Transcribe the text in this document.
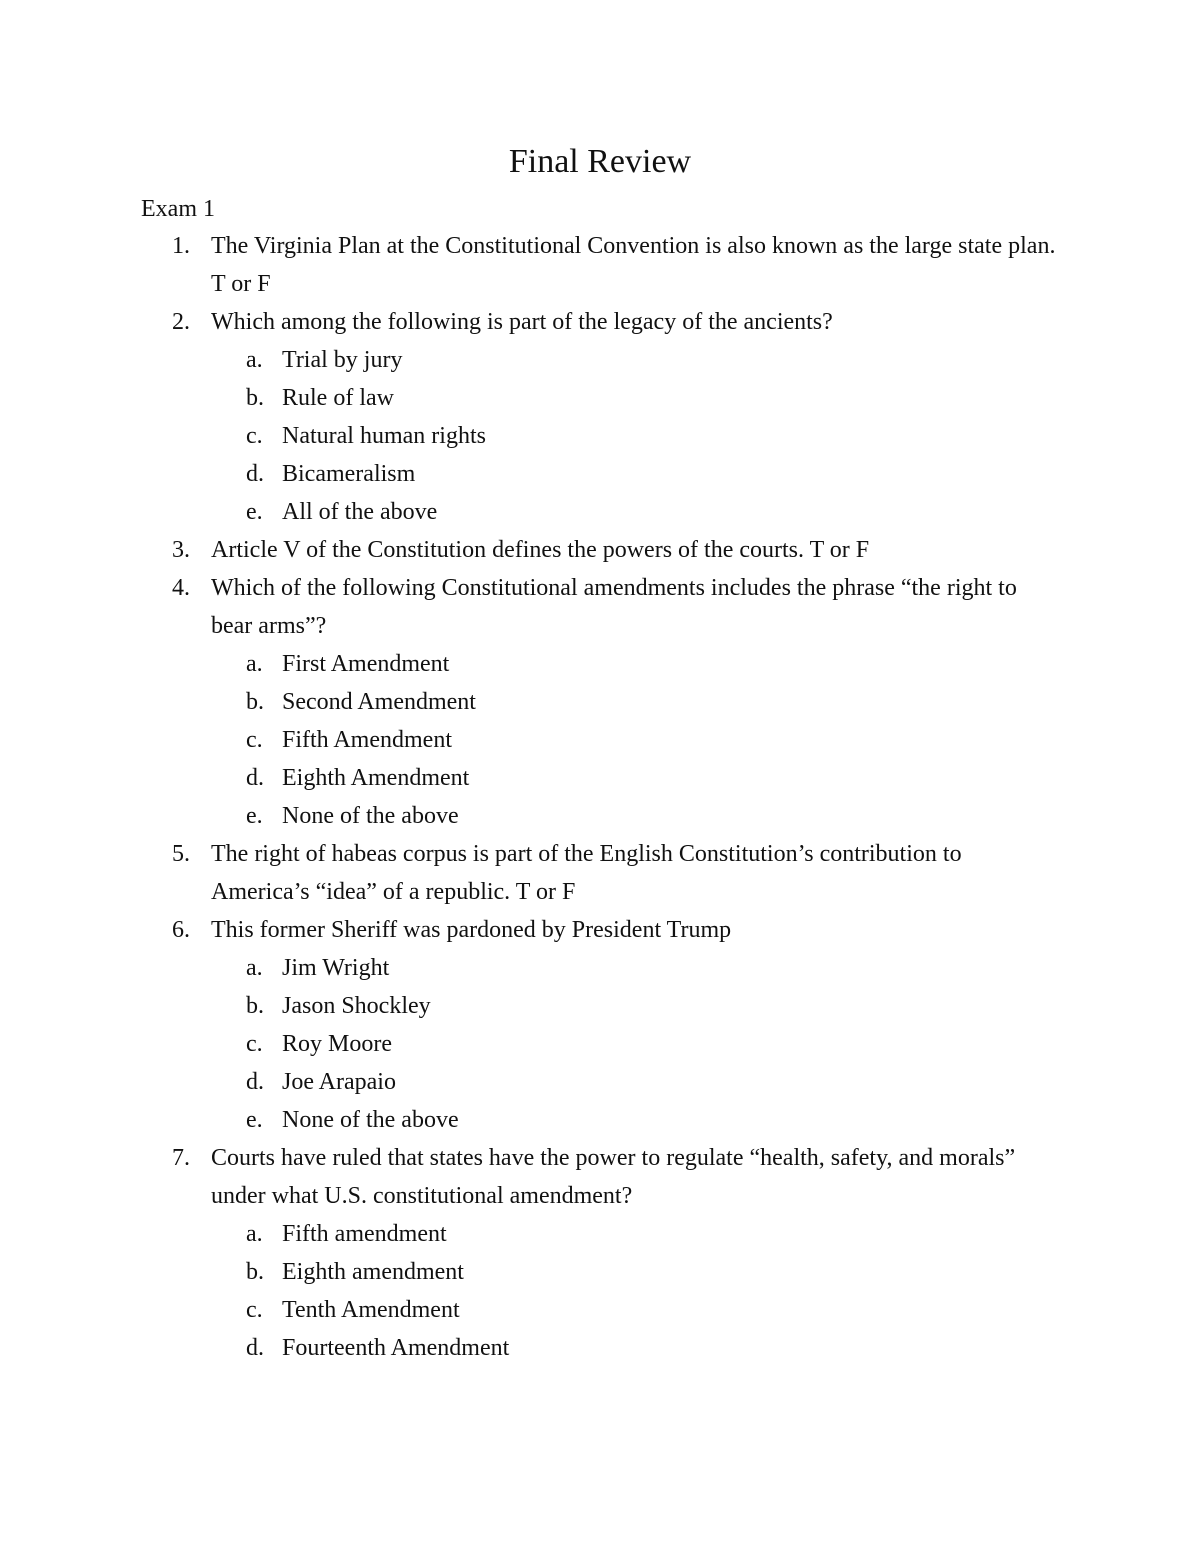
Final Review
Exam 1
1. The Virginia Plan at the Constitutional Convention is also known as the large state plan. T or F
2. Which among the following is part of the legacy of the ancients?
a. Trial by jury
b. Rule of law
c. Natural human rights
d. Bicameralism
e. All of the above
3. Article V of the Constitution defines the powers of the courts. T or F
4. Which of the following Constitutional amendments includes the phrase “the right to bear arms”?
a. First Amendment
b. Second Amendment
c. Fifth Amendment
d. Eighth Amendment
e. None of the above
5. The right of habeas corpus is part of the English Constitution’s contribution to America’s “idea” of a republic. T or F
6. This former Sheriff was pardoned by President Trump
a. Jim Wright
b. Jason Shockley
c. Roy Moore
d. Joe Arapaio
e. None of the above
7. Courts have ruled that states have the power to regulate “health, safety, and morals” under what U.S. constitutional amendment?
a. Fifth amendment
b. Eighth amendment
c. Tenth Amendment
d. Fourteenth Amendment
